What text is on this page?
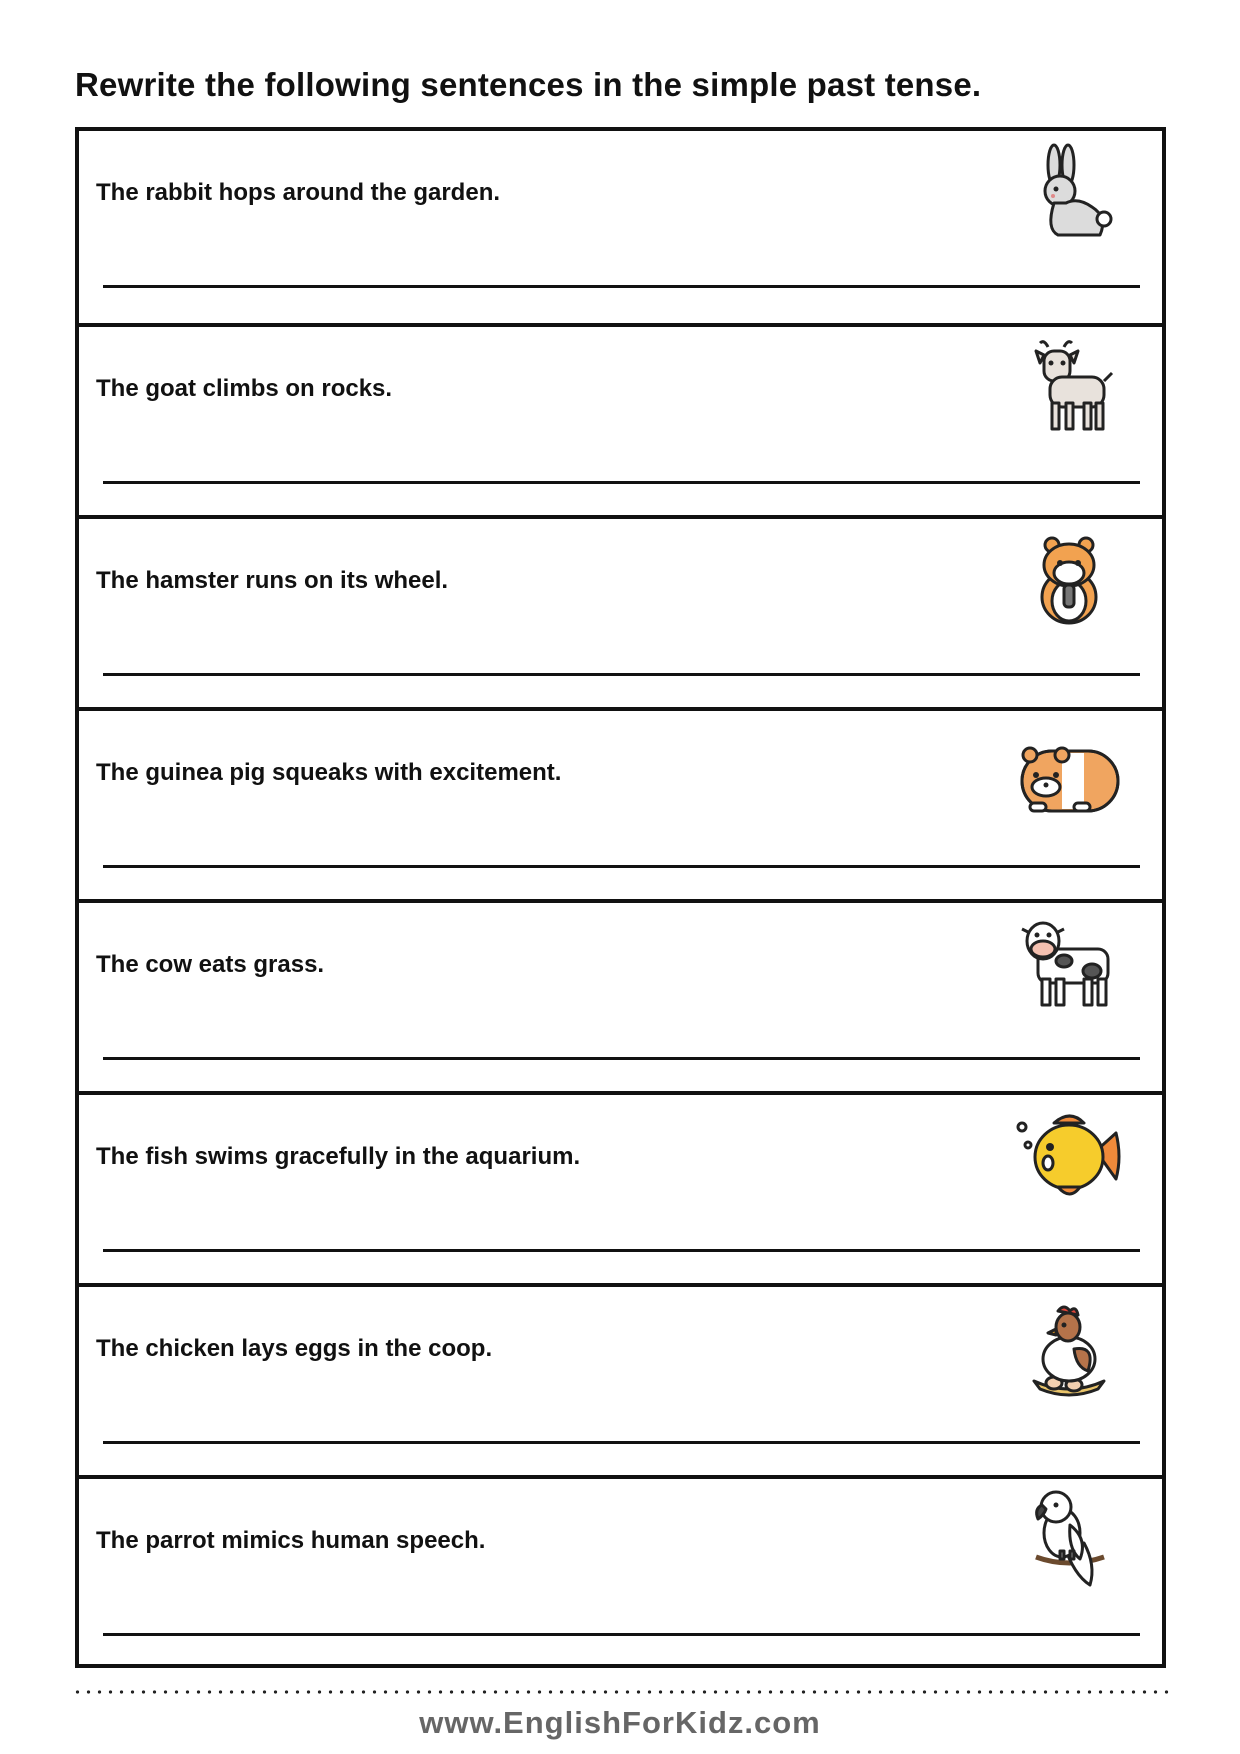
Rewrite the following sentences in the simple past tense.
The rabbit hops around the garden.
The goat climbs on rocks.
The hamster runs on its wheel.
The guinea pig squeaks with excitement.
The cow eats grass.
The fish swims gracefully in the aquarium.
The chicken lays eggs in the coop.
The parrot mimics human speech.
www.EnglishForKidz.com
